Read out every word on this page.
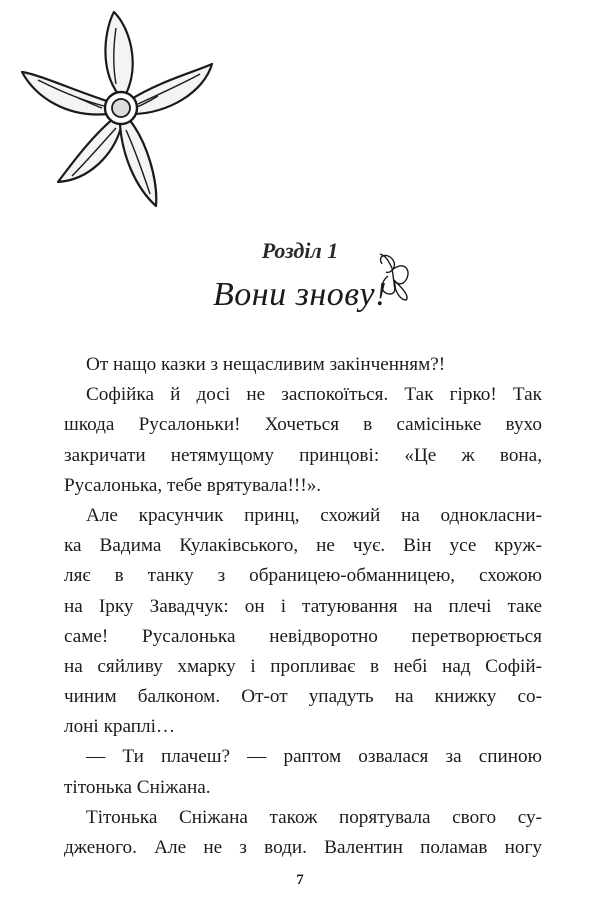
Розділ 1
Вони знову!
От нащо казки з нещасливим закінченням?!
Софійка й досі не заспокоїться. Так гірко! Так
шкода Русалоньки! Хочеться в самісіньке вухо
закричати нетямущому принцові: «Це ж вона,
Русалонька, тебе врятувала!!!».
Але красунчик принц, схожий на однокласни-
ка Вадима Кулаківського, не чує. Він усе круж-
ляє в танку з обраницею-обманницею, схожою
на Ірку Завадчук: он і татуювання на плечі таке
саме! Русалонька невідворотно перетворюється
на сяйливу хмарку і пропливає в небі над Софій-
чиним балконом. От-от упадуть на книжку со-
лоні краплі…
— Ти плачеш? — раптом озвалася за спиною
тітонька Сніжана.
Тітонька Сніжана також порятувала свого су-
дженого. Але не з води. Валентин поламав ногу
7
